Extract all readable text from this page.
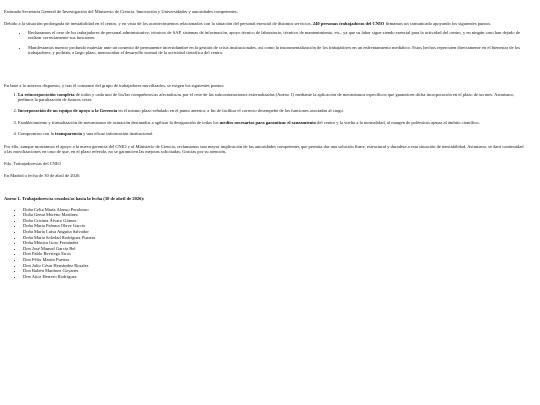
Estimada Secretaria General de Investigación del Ministerio de Ciencia, Innovación y Universidades y autoridades competentes,

Debido a la situación prolongada de inestabilidad en el centro, y en vista de los acontecimientos relacionados con la situación del personal esencial de distintos servicios, 240 personas trabajadoras del CNIO firmamos un comunicado apoyando los siguientes puntos:

• Rechazamos el cese de los trabajadores de personal administrativo, técnicos de SAP, sistemas de información, apoyo técnico de laboratorio, técnicos de mantenimiento, etc., ya que su labor sigue siendo esencial para la actividad del centro, y en ningún caso han dejado de realizar correctamente sus funciones.
• Manifestamos nuestro profundo malestar ante un contexto de permanente incertidumbre en la gestión de crisis institucionales, así como la instrumentalización de los trabajadores en un enfrentamiento mediático. Estos hechos repercuten directamente en el bienestar de los trabajadores, y podrían, a largo plazo, menoscabar el desarrollo normal de la actividad científica del centro.

En base a lo anterior dispuesto, y tras el consenso del grupo de trabajadores movilizados, se exigen los siguientes puntos:

1. La reincorporación completa de todos y cada uno de los/las compañeros/as afectados/as por el cese de las subcontrataciones externalizadas (Anexo 1) mediante la aplicación de mecanismos específicos que garanticen dicha incorporación en el plazo de un mes. Asimismo, pedimos la paralización de futuros ceses.
2. Incorporación de un equipo de apoyo a la Gerencia en el mismo plazo señalado en el punto anterior, a fin de facilitar el correcto desempeño de las funciones asociadas al cargo.
3. Establecimiento y formalización de mecanismos de actuación destinados a agilizar la designación de todos los medios necesarios para garantizar el saneamiento del centro y la vuelta a la normalidad, al margen de polémicas ajenas al ámbito científico.
4. Compromiso con la transparencia y una eficaz información institucional.

Por ello, aunque mostramos el apoyo a la nueva gerencia del CNIO y al Ministerio de Ciencia, reclamamos una mayor implicación de las autoridades competentes que permita dar una solución firme, estructural y duradera a esta situación de inestabilidad. Asimismo, se dará continuidad a las movilizaciones en caso de que, en el plazo referido, no se garanticen las mejoras solicitadas. Gracias por su atención,

Fdo. Trabajadores/as del CNIO

En Madrid a fecha de 30 de abril de 2026.

Anexo 1. Trabajadores/as cesados/as hasta la fecha (30 de abril de 2026):

• Doña Celia María Alonso Peralonso
• Doña Gema Moreno Martínez
• Doña Cristina Álvaro Gómez
• Doña María Paloma Olave García
• Doña María Luisa Anguita Salvador
• Doña María Soledad Rodríguez Puertas
• Doña Mónica Goro Fernández
• Don José Manuel García Bel
• Don Pablo Revriego Eiros
• Don Félix Martín Puertas
• Don Julio César Hernández Rosales
• Don Rubén Martínez Goyanes
• Don Aitor Herrero Rodríguez
